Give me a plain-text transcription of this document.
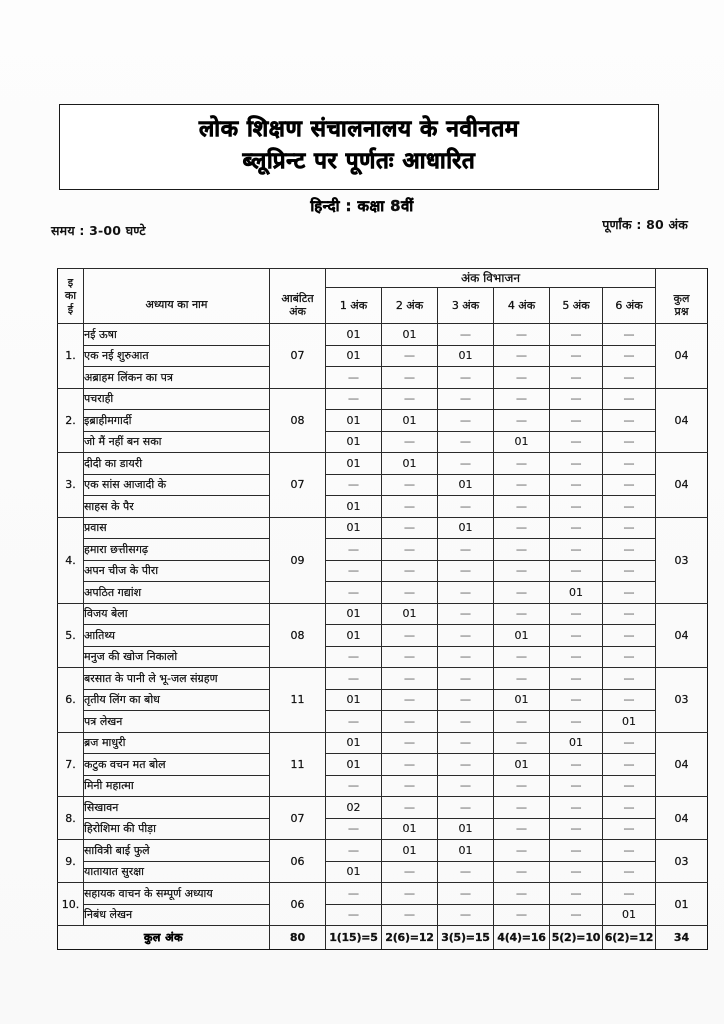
लोक शिक्षण संचालनालय के नवीनतम
ब्लूप्रिन्ट पर पूर्णतः आधारित
हिन्दी : कक्षा 8वीं
समय : 3-00 घण्टे	पूर्णांक : 80 अंक
इ
का
ई			अंक विभाजन						
	अध्याय का नाम	आबंटित
अंक	1 अंक	2 अंक	3 अंक	4 अंक	5 अंक	6 अंक	कुल
प्रश्न

1.	नई ऊषा	07	01	01	—	—	—	—	04
	एक नई शुरुआत		01	—	01	—	—	—	
	अब्राहम लिंकन का पत्र		—	—	—	—	—	—	
2.	पचराही	08	—	—	—	—	—	—	04
	इब्राहीमगार्दी		01	01	—	—	—	—	
	जो मैं नहीं बन सका		01	—	—	01	—	—	
3.	दीदी का डायरी	07	01	01	—	—	—	—	04
	एक सांस आजादी के		—	—	01	—	—	—	
	साहस के पैर		01	—	—	—	—	—	
4.	प्रवास	09	01	—	01	—	—	—	03
	हमारा छत्तीसगढ़		—	—	—	—	—	—	
	अपन चीज के पीरा		—	—	—	—	—	—	
	अपठित गद्यांश		—	—	—	—	01	—	
5.	विजय बेला	08	01	01	—	—	—	—	04
	आतिथ्य		01	—	—	01	—	—	
	मनुज की खोज निकालो		—	—	—	—	—	—	
6.	बरसात के पानी ले भू-जल संग्रहण	11	—	—	—	—	—	—	03
	तृतीय लिंग का बोध		01	—	—	01	—	—	
	पत्र लेखन		—	—	—	—	—	01	
7.	ब्रज माधुरी	11	01	—	—	—	01	—	04
	कटुक वचन मत बोल		01	—	—	01	—	—	
	मिनी महात्मा		—	—	—	—	—	—	
8.	सिखावन	07	02	—	—	—	—	—	04
	हिरोशिमा की पीड़ा		—	01	01	—	—	—	
9.	सावित्री बाई फुले	06	—	01	01	—	—	—	03
	यातायात सुरक्षा		01	—	—	—	—	—	
10.	सहायक वाचन के सम्पूर्ण अध्याय	06	—	—	—	—	—	—	01
	निबंध लेखन		—	—	—	—	—	01	
कुल अंक		80	1(15)=5	2(6)=12	3(5)=15	4(4)=16	5(2)=10	6(2)=12	34
